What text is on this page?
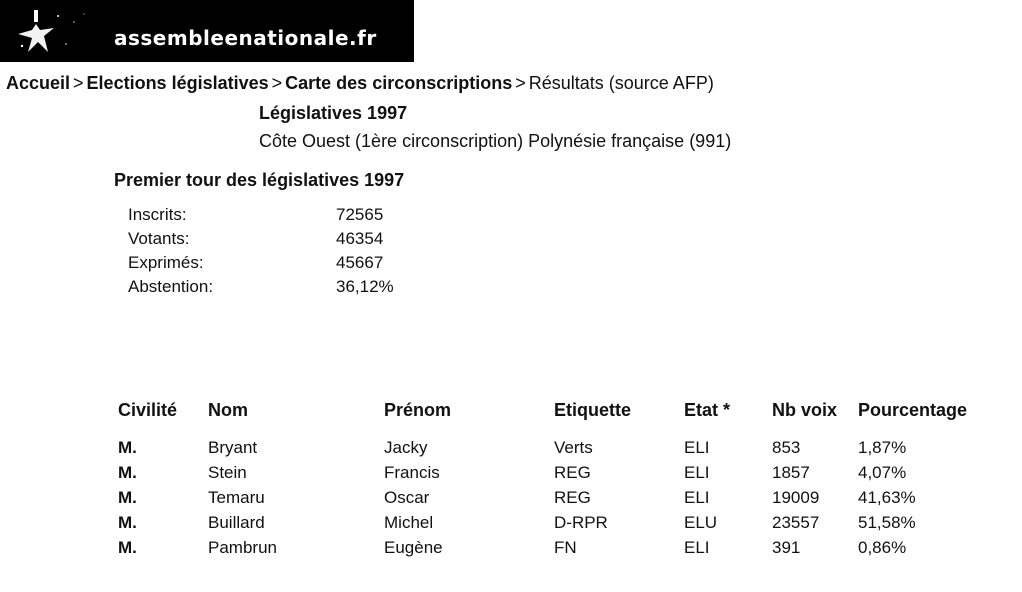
assembleenationale.fr
Accueil > Elections législatives > Carte des circonscriptions > Résultats (source AFP)
Législatives 1997
Côte Ouest (1ère circonscription) Polynésie française (991)
Premier tour des législatives 1997
Inscrits:	72565
Votants:	46354
Exprimés:	45667
Abstention:	36,12%
Civilité	Nom	Prénom	Etiquette	Etat *	Nb voix	Pourcentage
M.	Bryant	Jacky	Verts	ELI	853	1,87%
M.	Stein	Francis	REG	ELI	1857	4,07%
M.	Temaru	Oscar	REG	ELI	19009	41,63%
M.	Buillard	Michel	D-RPR	ELU	23557	51,58%
M.	Pambrun	Eugène	FN	ELI	391	0,86%
